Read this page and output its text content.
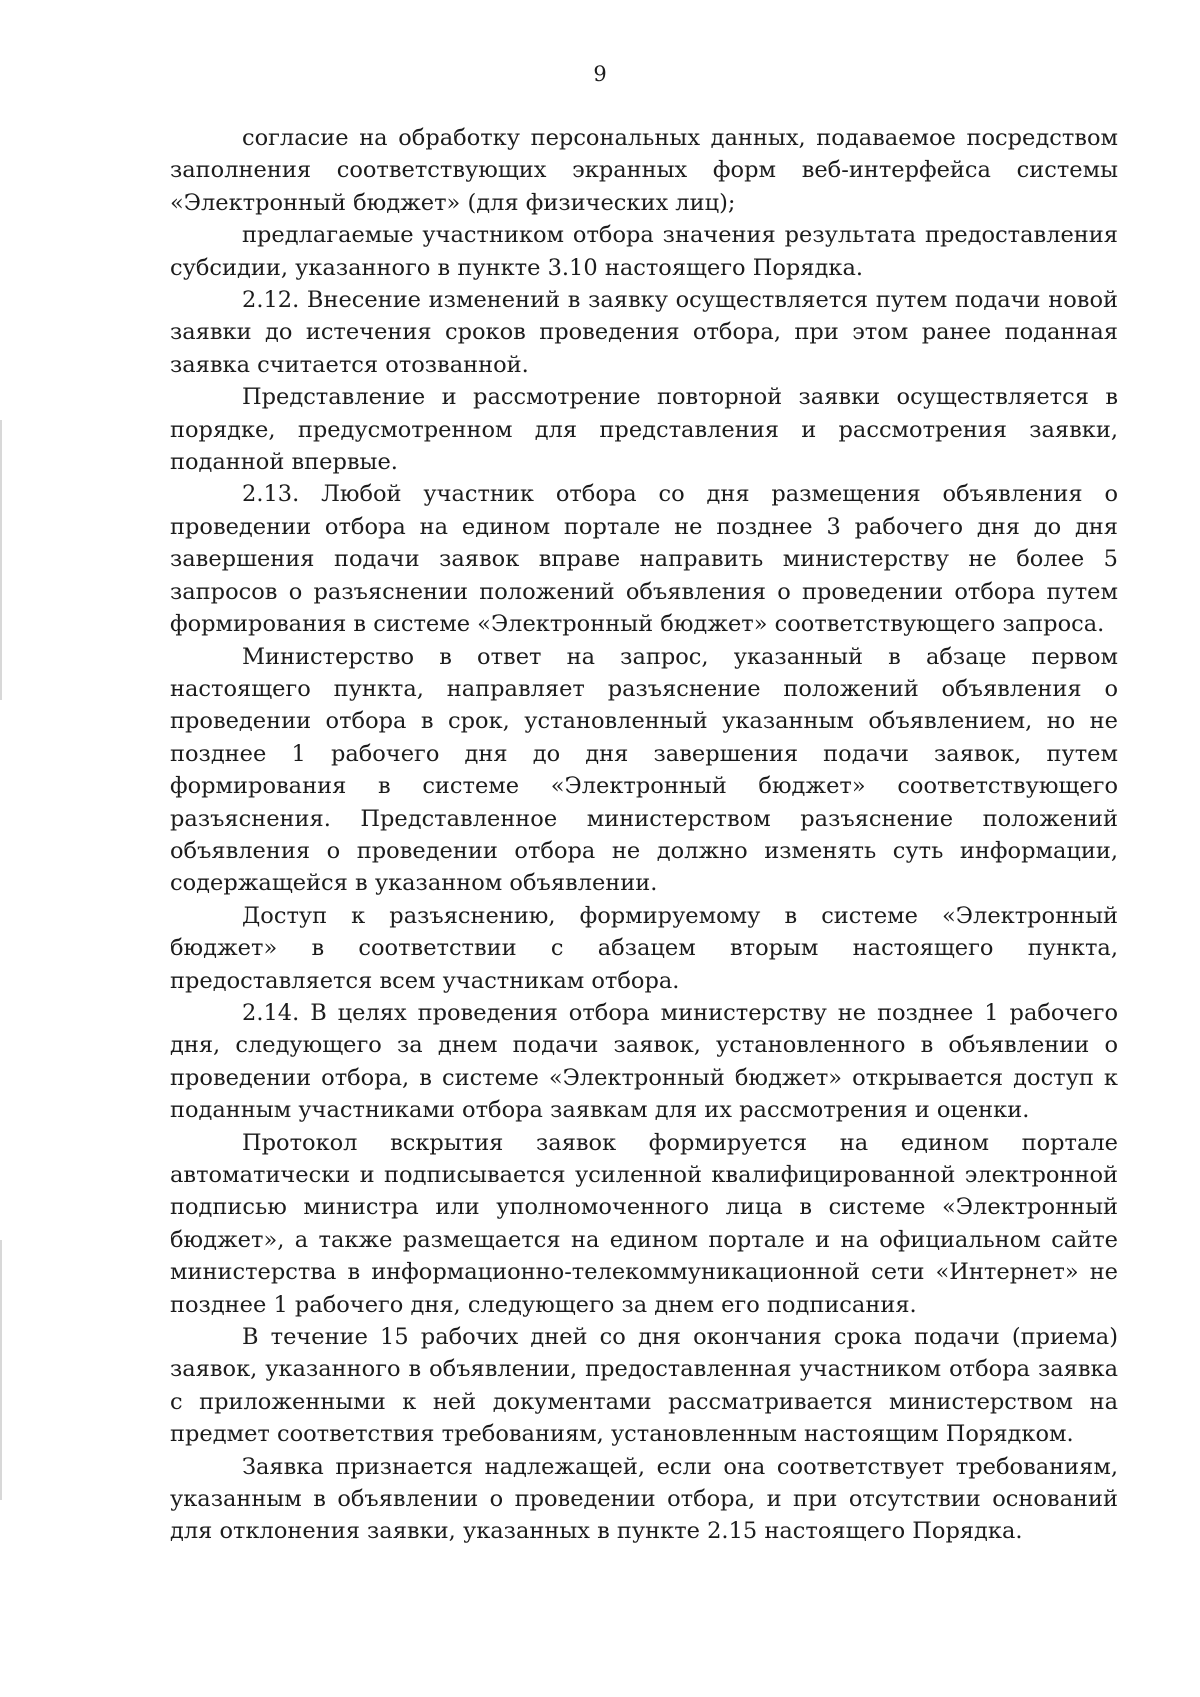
9

согласие на обработку персональных данных, подаваемое посредством заполнения соответствующих экранных форм веб-интерфейса системы «Электронный бюджет» (для физических лиц);

предлагаемые участником отбора значения результата предоставления субсидии, указанного в пункте 3.10 настоящего Порядка.

2.12. Внесение изменений в заявку осуществляется путем подачи новой заявки до истечения сроков проведения отбора, при этом ранее поданная заявка считается отозванной.

Представление и рассмотрение повторной заявки осуществляется в порядке, предусмотренном для представления и рассмотрения заявки, поданной впервые.

2.13. Любой участник отбора со дня размещения объявления о проведении отбора на едином портале не позднее 3 рабочего дня до дня завершения подачи заявок вправе направить министерству не более 5 запросов о разъяснении положений объявления о проведении отбора путем формирования в системе «Электронный бюджет» соответствующего запроса.

Министерство в ответ на запрос, указанный в абзаце первом настоящего пункта, направляет разъяснение положений объявления о проведении отбора в срок, установленный указанным объявлением, но не позднее 1 рабочего дня до дня завершения подачи заявок, путем формирования в системе «Электронный бюджет» соответствующего разъяснения. Представленное министерством разъяснение положений объявления о проведении отбора не должно изменять суть информации, содержащейся в указанном объявлении.

Доступ к разъяснению, формируемому в системе «Электронный бюджет» в соответствии с абзацем вторым настоящего пункта, предоставляется всем участникам отбора.

2.14. В целях проведения отбора министерству не позднее 1 рабочего дня, следующего за днем подачи заявок, установленного в объявлении о проведении отбора, в системе «Электронный бюджет» открывается доступ к поданным участниками отбора заявкам для их рассмотрения и оценки.

Протокол вскрытия заявок формируется на едином портале автоматически и подписывается усиленной квалифицированной электронной подписью министра или уполномоченного лица в системе «Электронный бюджет», а также размещается на едином портале и на официальном сайте министерства в информационно-телекоммуникационной сети «Интернет» не позднее 1 рабочего дня, следующего за днем его подписания.

В течение 15 рабочих дней со дня окончания срока подачи (приема) заявок, указанного в объявлении, предоставленная участником отбора заявка с приложенными к ней документами рассматривается министерством на предмет соответствия требованиям, установленным настоящим Порядком.

Заявка признается надлежащей, если она соответствует требованиям, указанным в объявлении о проведении отбора, и при отсутствии оснований для отклонения заявки, указанных в пункте 2.15 настоящего Порядка.
